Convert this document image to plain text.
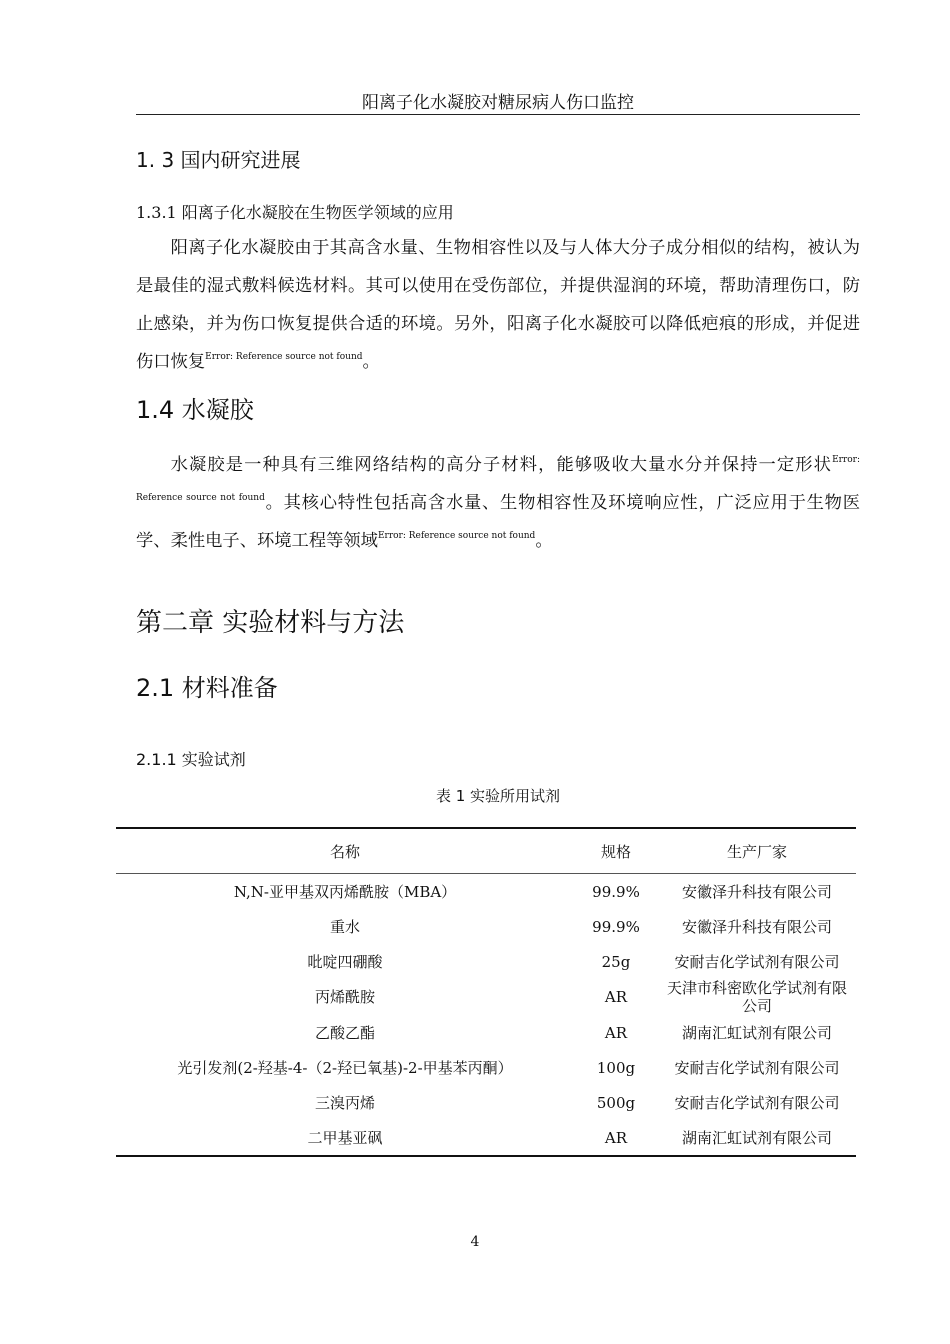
阳离子化水凝胶对糖尿病人伤口监控
1. 3 国内研究进展
1.3.1 阳离子化水凝胶在生物医学领域的应用

阳离子化水凝胶由于其高含水量、生物相容性以及与人体大分子成分相似的结构，被认为是最佳的湿式敷料候选材料。其可以使用在受伤部位，并提供湿润的环境，帮助清理伤口，防止感染，并为伤口恢复提供合适的环境。另外，阳离子化水凝胶可以降低疤痕的形成，并促进伤口恢复$^{Error: Reference source not found}$。

1.4 水凝胶

水凝胶是一种具有三维网络结构的高分子材料，能够吸收大量水分并保持一定形状$^{Error: Reference source not found}$。其核心特性包括高含水量、生物相容性及环境响应性，广泛应用于生物医学、柔性电子、环境工程等领域$^{Error: Reference source not found}$。

第二章 实验材料与方法
2.1 材料准备
2.1.1 实验试剂
表 1 实验所用试剂
名称	规格	生产厂家
N,N-亚甲基双丙烯酰胺（MBA）	99.9%	安徽泽升科技有限公司
重水	99.9%	安徽泽升科技有限公司
吡啶四硼酸	25g	安耐吉化学试剂有限公司
丙烯酰胺	AR	天津市科密欧化学试剂有限公司
乙酸乙酯	AR	湖南汇虹试剂有限公司
光引发剂(2-羟基-4-（2-羟已氧基)-2-甲基苯丙酮）	100g	安耐吉化学试剂有限公司
三溴丙烯	500g	安耐吉化学试剂有限公司
二甲基亚砜	AR	湖南汇虹试剂有限公司
4
